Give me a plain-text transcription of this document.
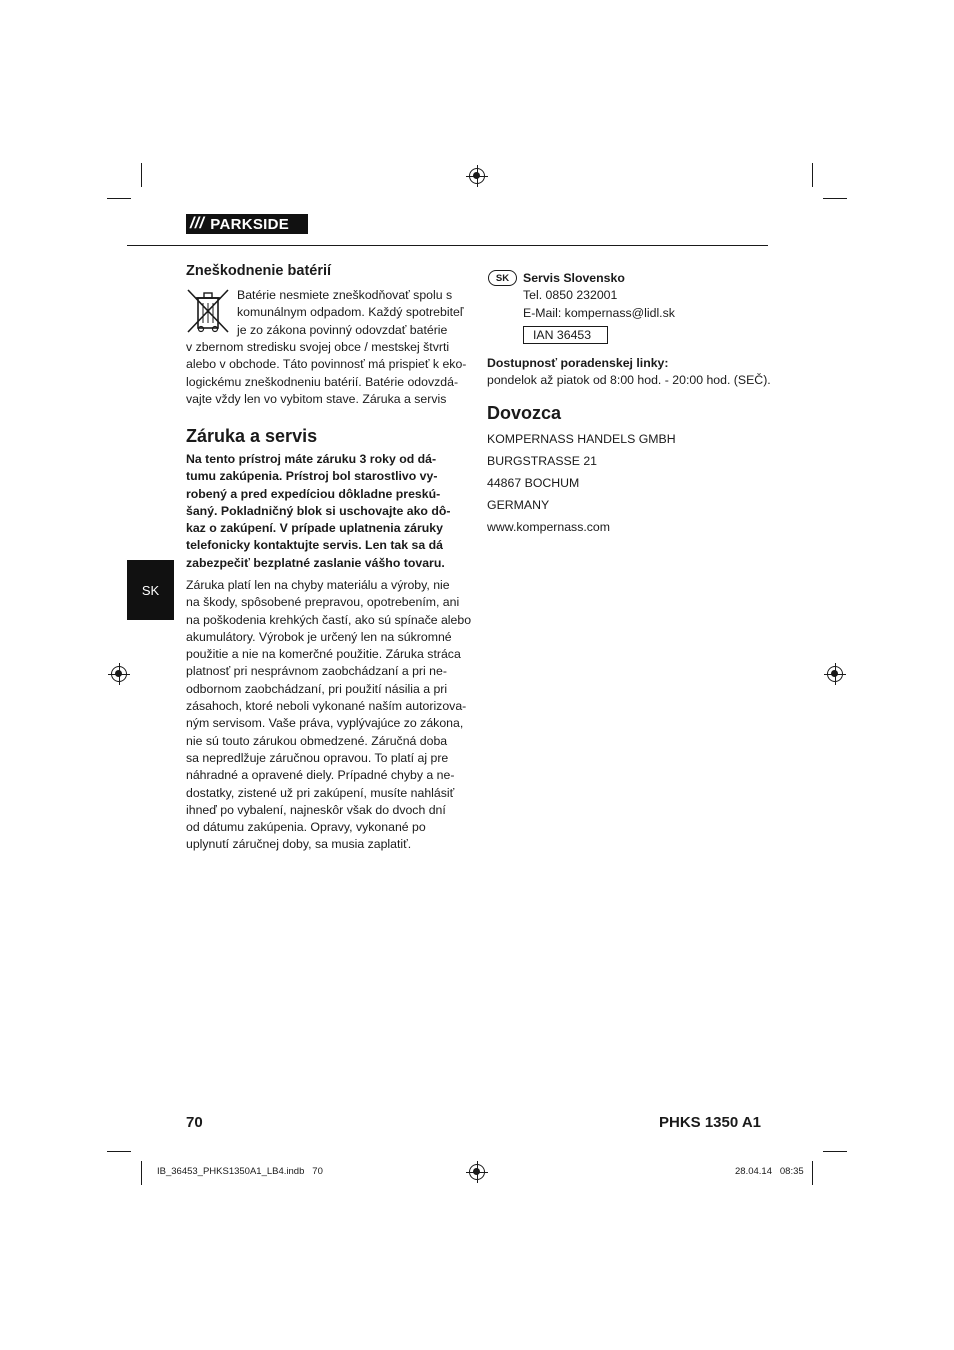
/// PARKSIDE
SK
Zneškodnenie batérií
Batérie nesmiete zneškodňovať spolu s
komunálnym odpadom. Každý spotrebiteľ
je zo zákona povinný odovzdať batérie
v zbernom stredisku svojej obce / mestskej štvrti
alebo v obchode. Táto povinnosť má prispieť k eko-
logickému zneškodneniu batérií. Batérie odovzdá-
vajte vždy len vo vybitom stave. Záruka a servis
Záruka a servis
Na tento prístroj máte záruku 3 roky od dá-
tumu zakúpenia. Prístroj bol starostlivo vy-
robený a pred expedíciou dôkladne preskú-
šaný. Pokladničný blok si uschovajte ako dô-
kaz o zakúpení. V prípade uplatnenia záruky
telefonicky kontaktujte servis. Len tak sa dá
zabezpečiť bezplatné zaslanie vášho tovaru.
Záruka platí len na chyby materiálu a výroby, nie
na škody, spôsobené prepravou, opotrebením, ani
na poškodenia krehkých častí, ako sú spínače alebo
akumulátory. Výrobok je určený len na súkromné
použitie a nie na komerčné použitie. Záruka stráca
platnosť pri nesprávnom zaobchádzaní a pri ne-
odbornom zaobchádzaní, pri použití násilia a pri
zásahoch, ktoré neboli vykonané naším autorizova-
ným servisom. Vaše práva, vyplývajúce zo zákona,
nie sú touto zárukou obmedzené. Záručná doba
sa nepredlžuje záručnou opravou. To platí aj pre
náhradné a opravené diely. Prípadné chyby a ne-
dostatky, zistené už pri zakúpení, musíte nahlásiť
ihneď po vybalení, najneskôr však do dvoch dní
od dátumu zakúpenia. Opravy, vykonané po
uplynutí záručnej doby, sa musia zaplatiť.
SK	Servis Slovensko
Tel. 0850 232001
E-Mail: kompernass@lidl.sk
IAN 36453
Dostupnosť poradenskej linky:
pondelok až piatok od 8:00 hod. - 20:00 hod. (SEČ).
Dovozca
KOMPERNASS HANDELS GMBH
BURGSTRASSE 21
44867 BOCHUM
GERMANY
www.kompernass.com
70	PHKS 1350 A1
IB_36453_PHKS1350A1_LB4.indb   70	28.04.14   08:35
